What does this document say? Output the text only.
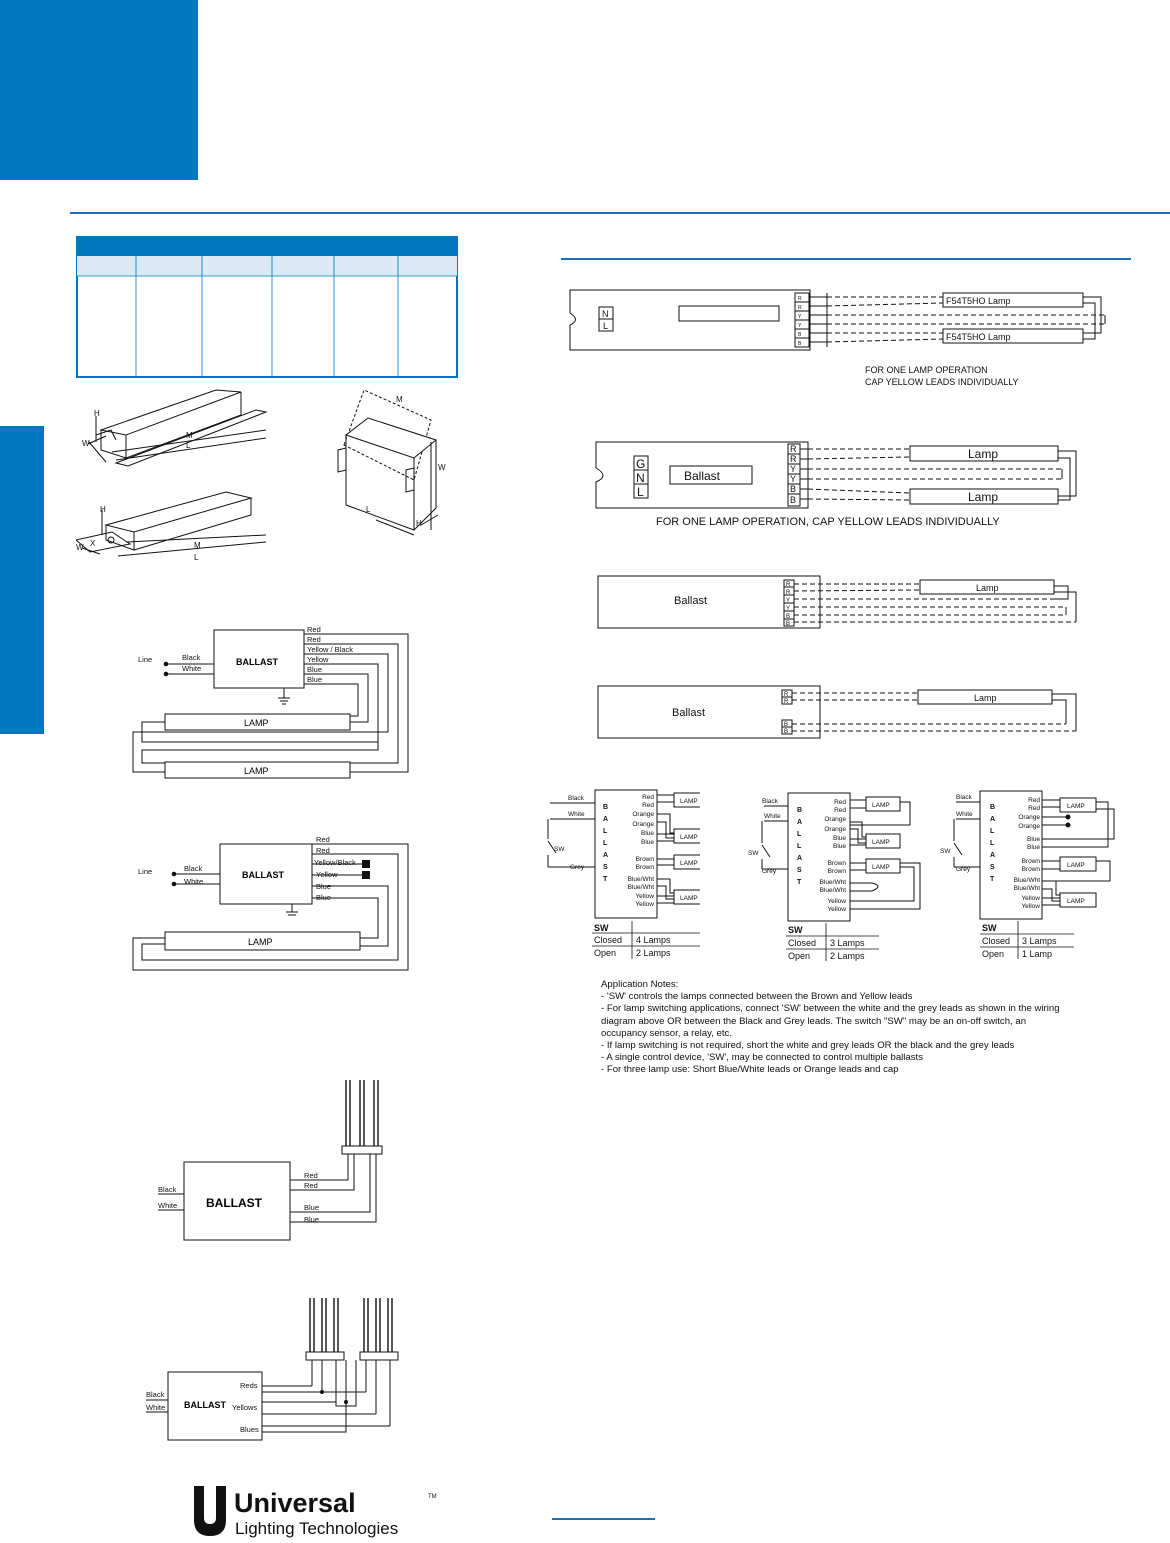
H
W
M
L
H
W X	M
L
M
W
L
H
Line	Black
White
Red
Red
Yellow / Black
Yellow
Blue
Blue
BALLAST
LAMP
LAMP
Line	Black
White
Red
Red
Yellow/Black
Yellow
Blue
Blue
BALLAST
LAMP
Black
White
Red
Red
Blue
Blue
BALLAST
Black
White
Reds
Yellows
Blues
BALLAST
N
L
F54T5HO Lamp
F54T5HO Lamp
FOR ONE LAMP OPERATION
CAP YELLOW LEADS INDIVIDUALLY
R
R
Y
Y
B
B
G
N
L
Ballast
Lamp
Lamp
R
R
Y
Y
B
B
FOR ONE LAMP OPERATION, CAP YELLOW LEADS INDIVIDUALLY
Ballast
Lamp
R
R
Y
Y
B
B
Ballast
Lamp
R
R
B
B
Black
White
SW
Grey
Red
Red
Orange
Orange
Blue
Blue
Brown
Brown
Blue/Wht
Blue/Wht
Yellow
Yellow
LAMP
LAMP
LAMP
LAMP
B
A
L
L
A
S
T
SW
Closed 4 Lamps
Open 2 Lamps
Black
White
SW
Grey
Red
Red
Orange
Orange
Blue
Blue
Brown
Brown
Blue/Wht
Blue/Wht
Yellow
Yellow
LAMP
LAMP
LAMP
B
A
L
L
A
S
T
SW
Closed 3 Lamps
Open 2 Lamps
Black
White
SW
Grey
Red
Red
Orange
Orange
Blue
Blue
Brown
Brown
Blue/Wht
Blue/Wht
Yellow
Yellow
LAMP
LAMP
LAMP
B
A
L
L
A
S
T
SW
Closed 3 Lamps
Open 1 Lamp
Application Notes:
- 'SW' controls the lamps connected between the Brown and Yellow leads
- For lamp switching applications, connect 'SW' between the white and the grey leads as shown in the wiring diagram above OR between the Black and Grey leads. The switch "SW" may be an on-off switch, an occupancy sensor, a relay, etc.
- If lamp switching is not required, short the white and grey leads OR the black and the grey leads
- A single control device, 'SW', may be connected to control multiple ballasts
- For three lamp use: Short Blue/White leads or Orange leads and cap
Universal	TM
Lighting Technologies
